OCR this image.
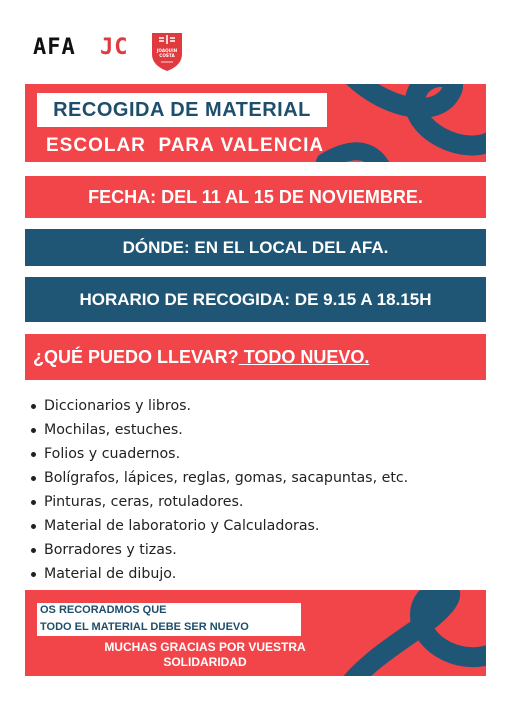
AFA JC	JOAQUIN
COSTA
RECOGIDA DE MATERIAL
ESCOLAR  PARA VALENCIA
FECHA: DEL 11 AL 15 DE NOVIEMBRE.
DÓNDE: EN EL LOCAL DEL AFA.
HORARIO DE RECOGIDA: DE 9.15 A 18.15H
¿QUÉ PUEDO LLEVAR? TODO NUEVO.
Diccionarios y libros.
Mochilas, estuches.
Folios y cuadernos.
Bolígrafos, lápices, reglas, gomas, sacapuntas, etc.
Pinturas, ceras, rotuladores.
Material de laboratorio y Calculadoras.
Borradores y tizas.
Material de dibujo.
OS RECORADMOS QUE
TODO EL MATERIAL DEBE SER NUEVO
MUCHAS GRACIAS POR VUESTRA
SOLIDARIDAD
